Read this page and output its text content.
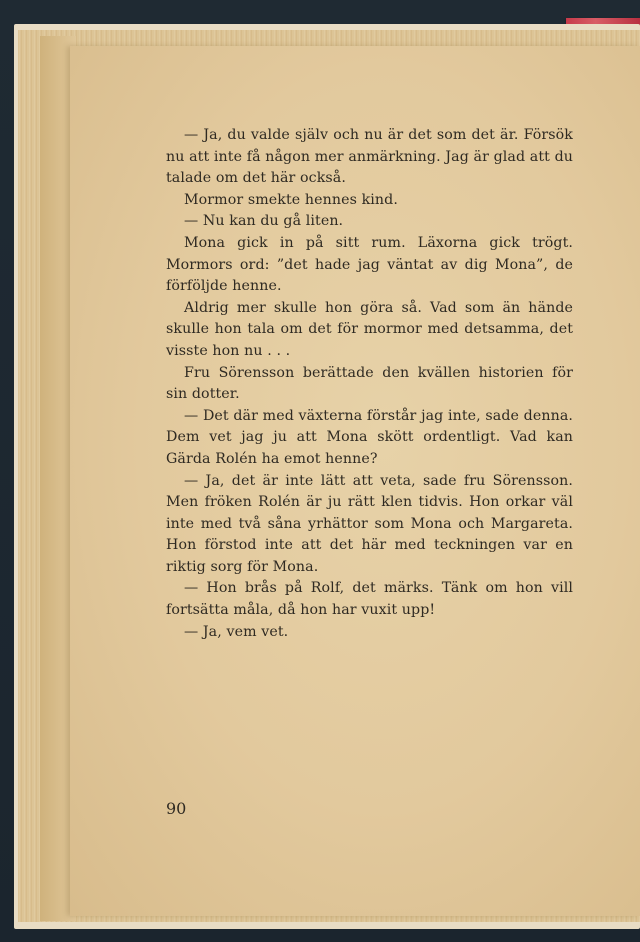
— Ja, du valde själv och nu är det som det är. Försök nu att inte få någon mer anmärkning. Jag är glad att du talade om det här också.

Mormor smekte hennes kind.

— Nu kan du gå liten.

Mona gick in på sitt rum. Läxorna gick trögt. Mormors ord: ”det hade jag väntat av dig Mona”, de förföljde henne.

Aldrig mer skulle hon göra så. Vad som än hände skulle hon tala om det för mormor med detsamma, det visste hon nu . . .

Fru Sörensson berättade den kvällen historien för sin dotter.

— Det där med växterna förstår jag inte, sade denna. Dem vet jag ju att Mona skött ordentligt. Vad kan Gärda Rolén ha emot henne?

— Ja, det är inte lätt att veta, sade fru Sörensson. Men fröken Rolén är ju rätt klen tidvis. Hon orkar väl inte med två såna yrhättor som Mona och Margareta. Hon förstod inte att det här med teckningen var en riktig sorg för Mona.

— Hon brås på Rolf, det märks. Tänk om hon vill fortsätta måla, då hon har vuxit upp!

— Ja, vem vet.

90
